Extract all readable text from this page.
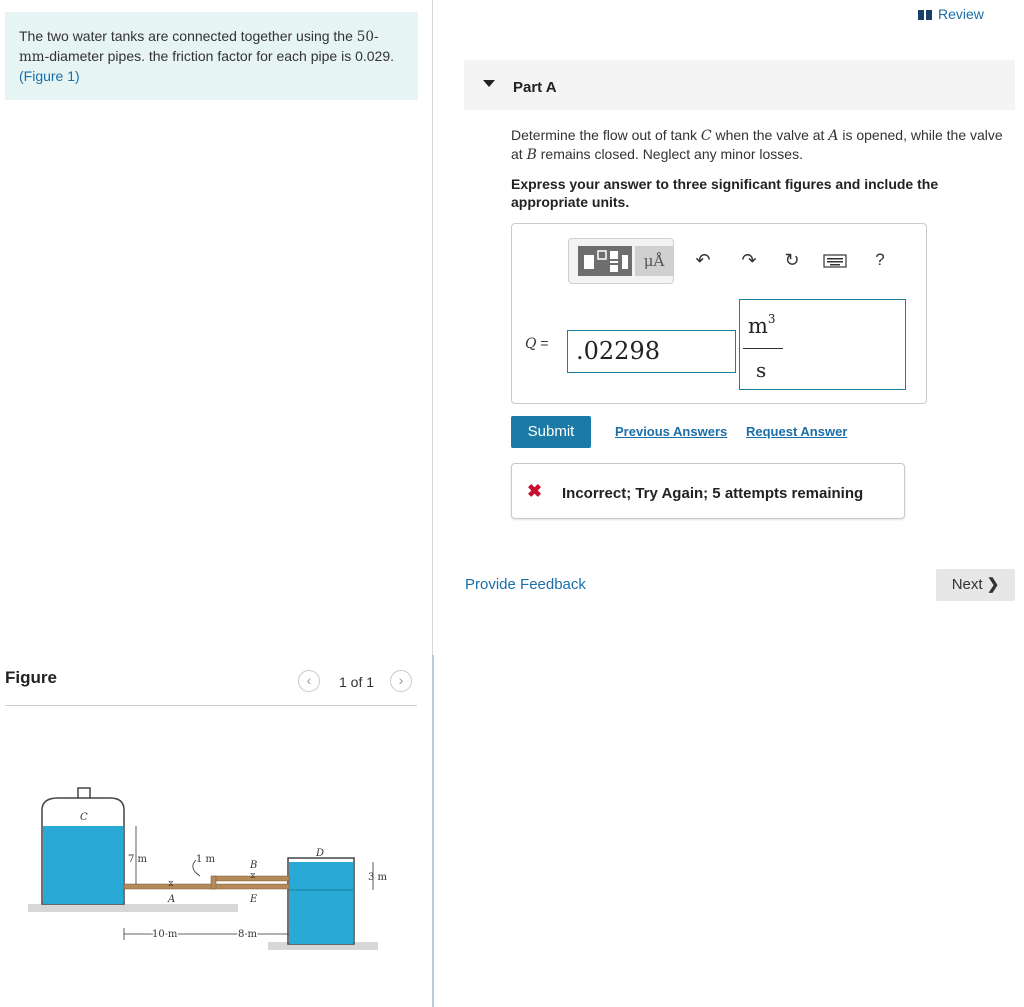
The two water tanks are connected together using the 50-mm-diameter pipes. the friction factor for each pipe is 0.029. (Figure 1)
Figure	‹	1 of 1	›
C
D
⧖
⧖
7 m	1 m
3 m
A
B
E
10 m	8 m
Review
Part A
Determine the flow out of tank C when the valve at A is opened, while the valve at B remains closed. Neglect any minor losses.
Express your answer to three significant figures and include the appropriate units.
μÅ	↶ ↷ ↻	?
Q =	.02298
$m^3$
s
Submit	Previous Answers Request Answer
✖ Incorrect; Try Again; 5 attempts remaining
Provide Feedback	Next ❯
